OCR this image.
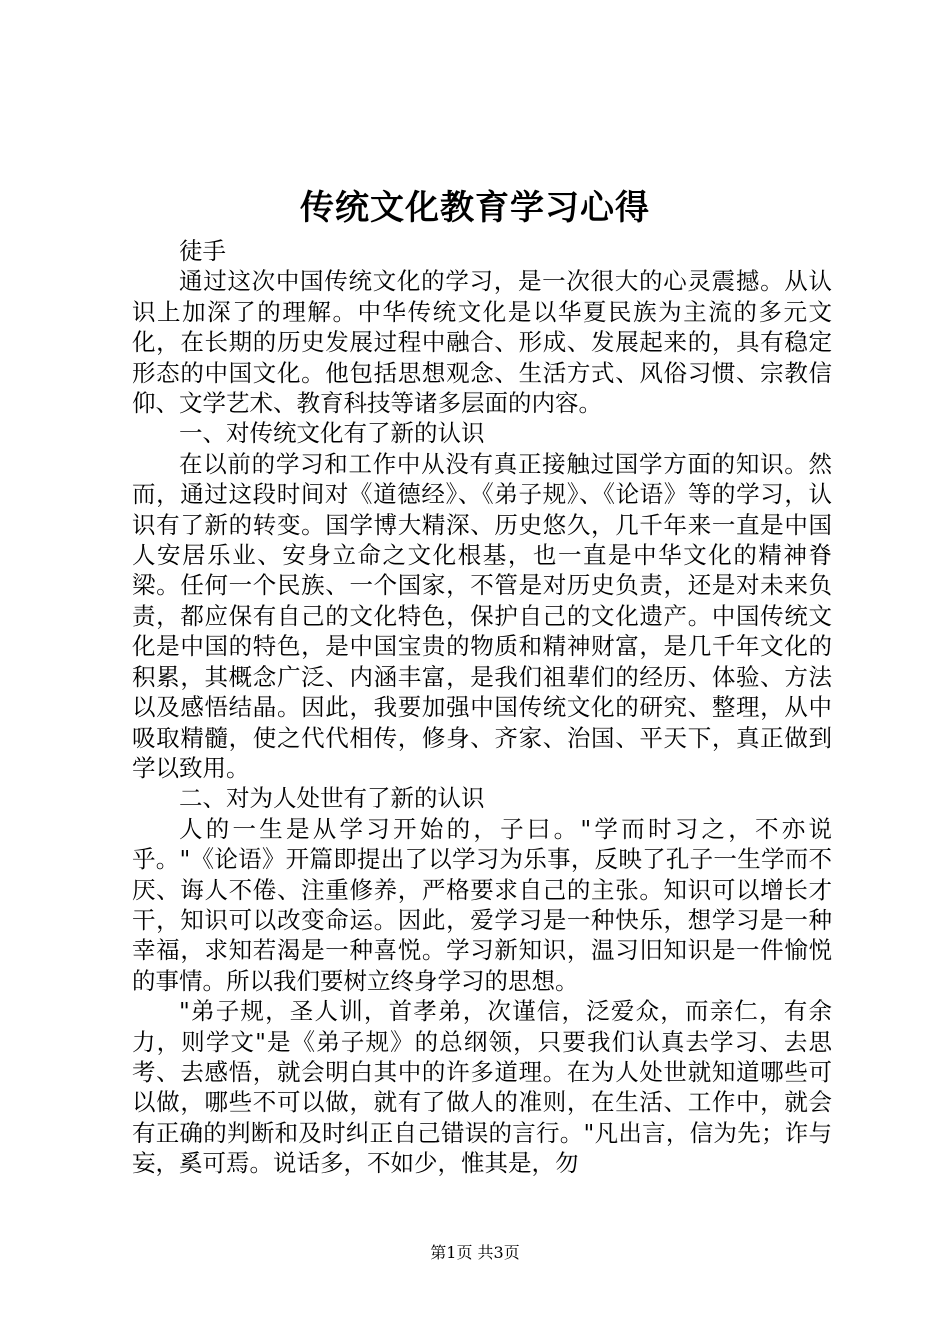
传统文化教育学习心得

徒手

通过这次中国传统文化的学习，是一次很大的心灵震撼。从认识上加深了的理解。中华传统文化是以华夏民族为主流的多元文化，在长期的历史发展过程中融合、形成、发展起来的，具有稳定形态的中国文化。他包括思想观念、生活方式、风俗习惯、宗教信仰、文学艺术、教育科技等诸多层面的内容。

一、对传统文化有了新的认识

在以前的学习和工作中从没有真正接触过国学方面的知识。然而，通过这段时间对《道德经》、《弟子规》、《论语》等的学习，认识有了新的转变。国学博大精深、历史悠久，几千年来一直是中国人安居乐业、安身立命之文化根基，也一直是中华文化的精神脊梁。任何一个民族、一个国家，不管是对历史负责，还是对未来负责，都应保有自己的文化特色，保护自己的文化遗产。中国传统文化是中国的特色，是中国宝贵的物质和精神财富，是几千年文化的积累，其概念广泛、内涵丰富，是我们祖辈们的经历、体验、方法以及感悟结晶。因此，我要加强中国传统文化的研究、整理，从中吸取精髓，使之代代相传，修身、齐家、治国、平天下，真正做到学以致用。

二、对为人处世有了新的认识

人的一生是从学习开始的，子曰。"学而时习之，不亦说乎。"《论语》开篇即提出了以学习为乐事，反映了孔子一生学而不厌、诲人不倦、注重修养，严格要求自己的主张。知识可以增长才干，知识可以改变命运。因此，爱学习是一种快乐，想学习是一种幸福，求知若渴是一种喜悦。学习新知识，温习旧知识是一件愉悦的事情。所以我们要树立终身学习的思想。

"弟子规，圣人训，首孝弟，次谨信，泛爱众，而亲仁，有余力，则学文"是《弟子规》的总纲领，只要我们认真去学习、去思考、去感悟，就会明白其中的许多道理。在为人处世就知道哪些可以做，哪些不可以做，就有了做人的准则，在生活、工作中，就会有正确的判断和及时纠正自己错误的言行。"凡出言，信为先；诈与妄，奚可焉。说话多，不如少，惟其是，勿

第1页 共3页
